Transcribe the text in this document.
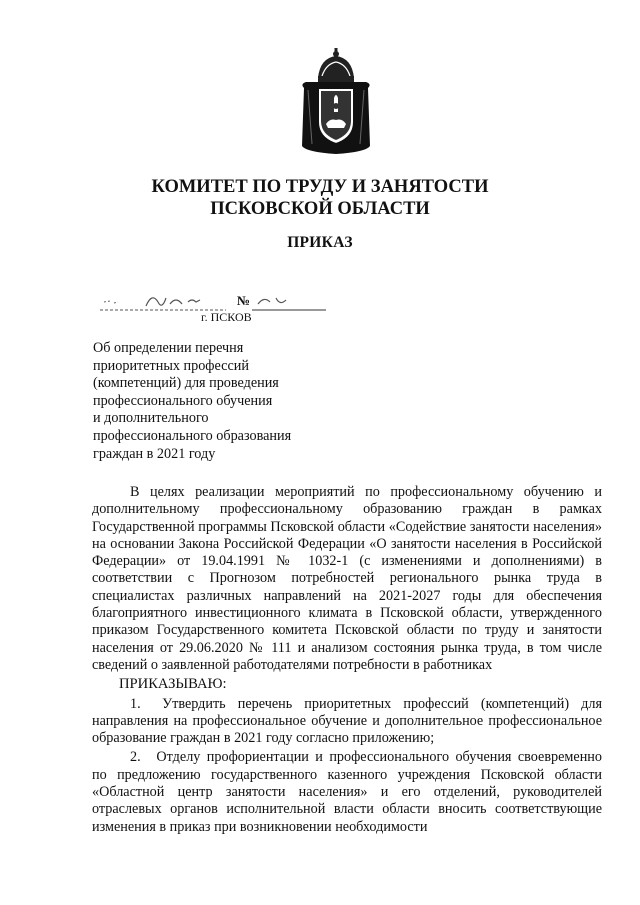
КОМИТЕТ ПО ТРУДУ И ЗАНЯТОСТИ
ПСКОВСКОЙ ОБЛАСТИ
ПРИКАЗ
№
г. ПСКОВ
Об определении перечня
приоритетных профессий
(компетенций) для проведения
профессионального обучения
и дополнительного
профессионального образования
граждан в 2021 году
В целях реализации мероприятий по профессиональному обучению и дополнительному профессиональному образованию граждан в рамках Государственной программы Псковской области «Содействие занятости населения» на основании Закона Российской Федерации «О занятости населения в Российской Федерации» от 19.04.1991 № 1032-1 (с изменениями и дополнениями) в соответствии с Прогнозом потребностей регионального рынка труда в специалистах различных направлений на 2021-2027 годы для обеспечения благоприятного инвестиционного климата в Псковской области, утвержденного приказом Государственного комитета Псковской области по труду и занятости населения от 29.06.2020 № 111 и анализом состояния рынка труда, в том числе сведений о заявленной работодателями потребности в работниках
ПРИКАЗЫВАЮ:
1. Утвердить перечень приоритетных профессий (компетенций) для направления на профессиональное обучение и дополнительное профессиональное образование граждан в 2021 году согласно приложению;
2. Отделу профориентации и профессионального обучения своевременно по предложению государственного казенного учреждения Псковской области «Областной центр занятости населения» и его отделений, руководителей отраслевых органов исполнительной власти области вносить соответствующие изменения в приказ при возникновении необходимости
